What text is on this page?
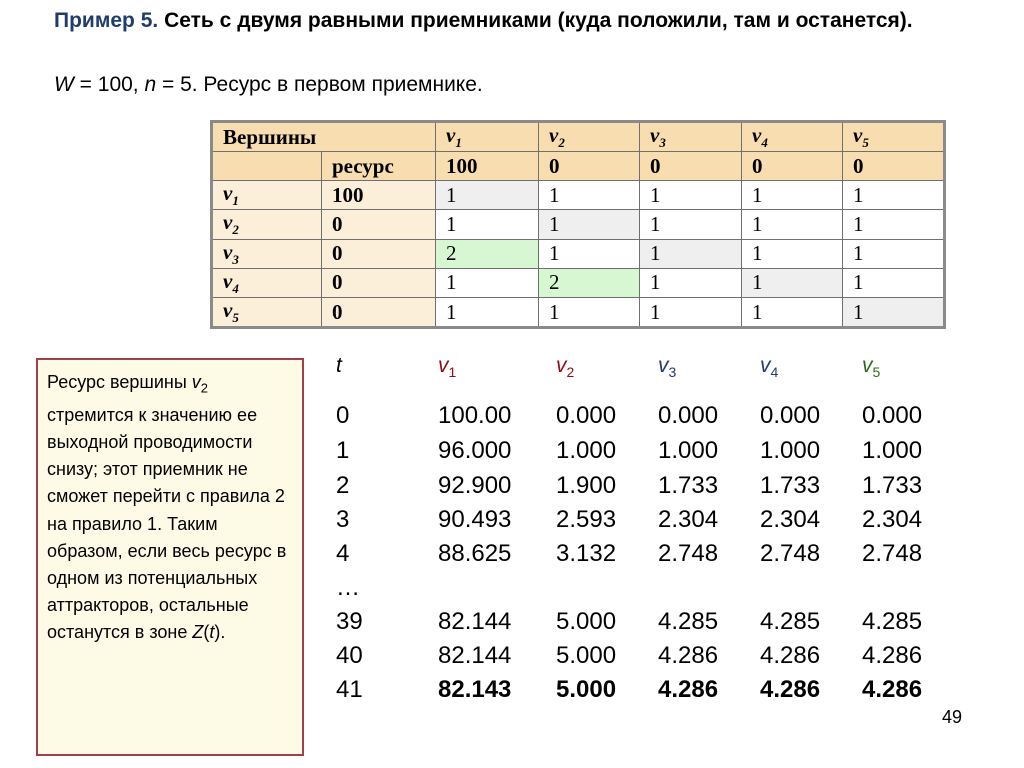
Пример 5. Сеть с двумя равными приемниками (куда положили, там и останется).
W = 100, n = 5. Ресурс в первом приемнике.
Вершины		$v_1$	$v_2$	$v_3$	$v_4$	$v_5$
	ресурс	100	0	0	0	0
$v_1$	100	1	1	1	1	1
$v_2$	0	1	1	1	1	1
$v_3$	0	2	1	1	1	1
$v_4$	0	1	2	1	1	1
$v_5$	0	1	1	1	1	1
Ресурс вершины $v_2$ стремится к значению ее выходной проводимости снизу; этот приемник не сможет перейти с правила 2 на правило 1. Таким образом, если весь ресурс в одном из потенциальных аттракторов, остальные останутся в зоне Z(t).
t	$v_1$	$v_2$	$v_3$	$v_4$	$v_5$
0	100.00 0.000 0.000 0.000 0.000
1	96.000 1.000 1.000 1.000 1.000
2	92.900 1.900 1.733 1.733 1.733
3	90.493 2.593 2.304 2.304 2.304
4	88.625 3.132 2.748 2.748 2.748
…
39	82.144 5.000 4.285 4.285 4.285
40	82.144 5.000 4.286 4.286 4.286
41	82.143 5.000 4.286 4.286 4.286
49
